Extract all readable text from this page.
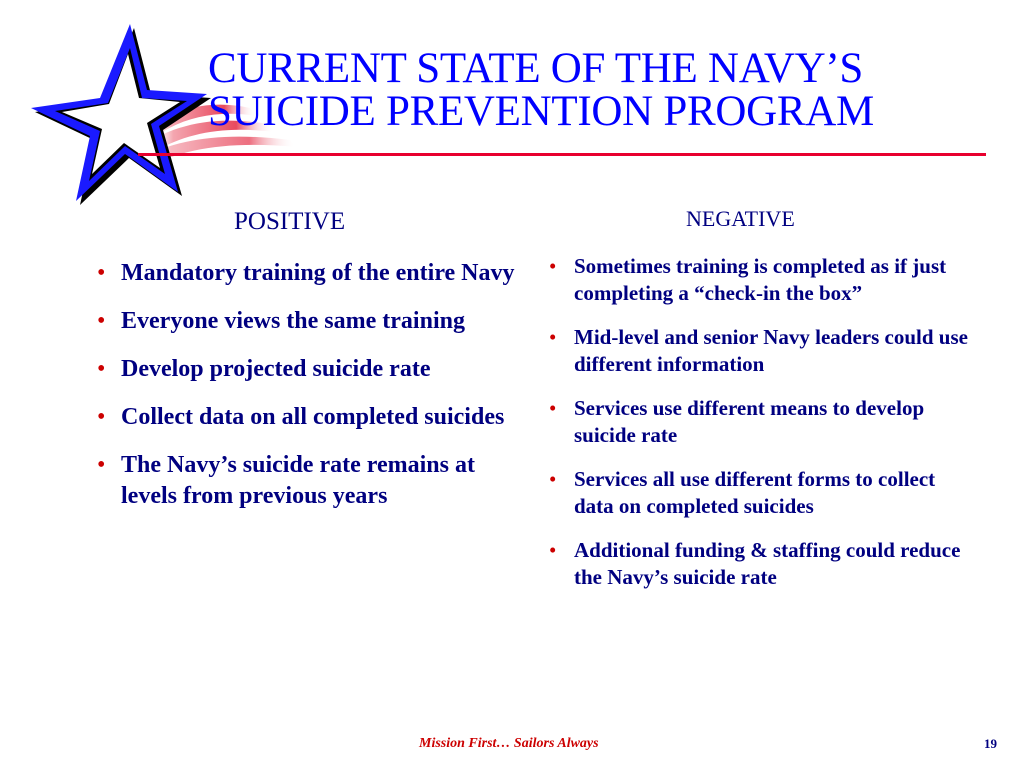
CURRENT STATE OF THE NAVY’S
SUICIDE PREVENTION PROGRAM
POSITIVE
• Mandatory training of the entire Navy
• Everyone views the same training
• Develop projected suicide rate
• Collect data on all completed suicides
• The Navy’s suicide rate remains at levels from previous years
NEGATIVE
• Sometimes training is completed as if just completing a “check-in the box”
• Mid-level and senior Navy leaders could use different information
• Services use different means to develop suicide rate
• Services all use different forms to collect data on completed suicides
• Additional funding & staffing could reduce the Navy’s suicide rate
Mission First… Sailors Always	19
